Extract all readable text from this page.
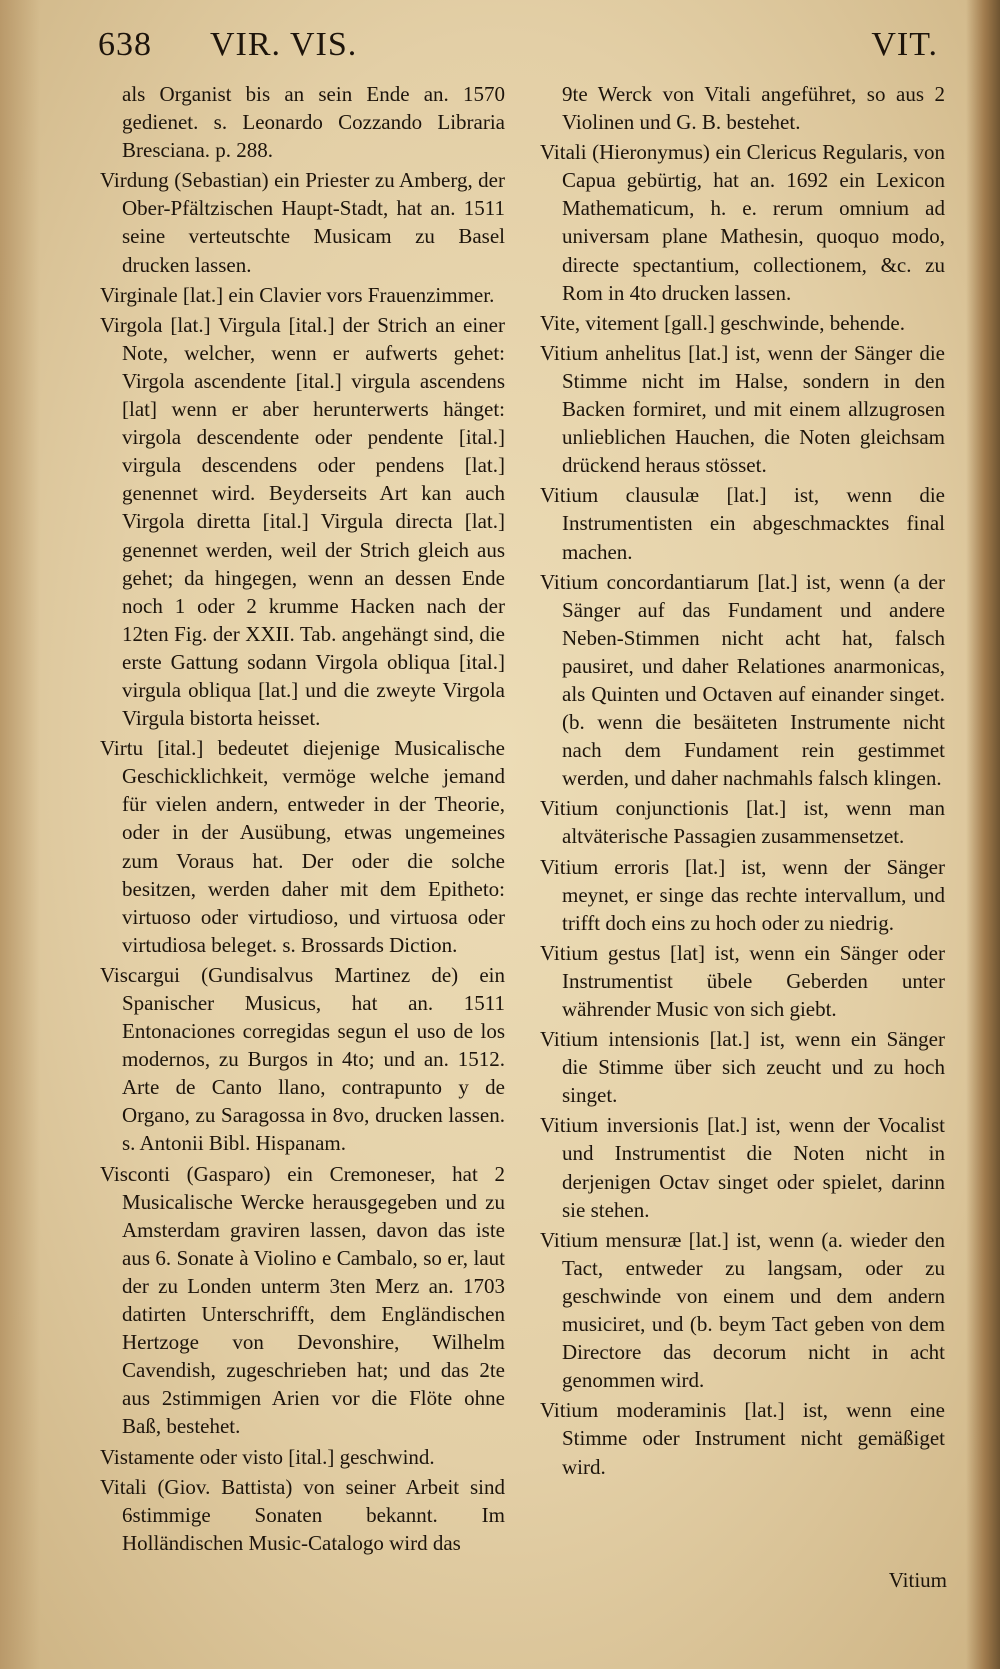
638 VIR. VIS.	VIT.

als Organist bis an sein Ende an. 1570 gedienet. s. Leonardo Cozzando Libraria Bresciana. p. 288.

Virdung (Sebastian) ein Priester zu Amberg, der Ober-Pfältzischen Haupt-Stadt, hat an. 1511 seine verteutschte Musicam zu Basel drucken lassen.

Virginale [lat.] ein Clavier vors Frauenzimmer.

Virgola [lat.] Virgula [ital.] der Strich an einer Note, welcher, wenn er aufwerts gehet: Virgola ascendente [ital.] virgula ascendens [lat] wenn er aber herunterwerts hänget: virgola descendente oder pendente [ital.] virgula descendens oder pendens [lat.] genennet wird. Beyderseits Art kan auch Virgola diretta [ital.] Virgula directa [lat.] genennet werden, weil der Strich gleich aus gehet; da hingegen, wenn an dessen Ende noch 1 oder 2 krumme Hacken nach der 12ten Fig. der XXII. Tab. angehängt sind, die erste Gattung sodann Virgola obliqua [ital.] virgula obliqua [lat.] und die zweyte Virgola Virgula bistorta heisset.

Virtu [ital.] bedeutet diejenige Musicalische Geschicklichkeit, vermöge welche jemand für vielen andern, entweder in der Theorie, oder in der Ausübung, etwas ungemeines zum Voraus hat. Der oder die solche besitzen, werden daher mit dem Epitheto: virtuoso oder virtudioso, und virtuosa oder virtudiosa beleget. s. Brossards Diction.

Viscargui (Gundisalvus Martinez de) ein Spanischer Musicus, hat an. 1511 Entonaciones corregidas segun el uso de los modernos, zu Burgos in 4to; und an. 1512. Arte de Canto llano, contrapunto y de Organo, zu Saragossa in 8vo, drucken lassen. s. Antonii Bibl. Hispanam.

Visconti (Gasparo) ein Cremoneser, hat 2 Musicalische Wercke herausgegeben und zu Amsterdam graviren lassen, davon das iste aus 6. Sonate à Violino e Cambalo, so er, laut der zu Londen unterm 3ten Merz an. 1703 datirten Unterschrifft, dem Engländischen Hertzoge von Devonshire, Wilhelm Cavendish, zugeschrieben hat; und das 2te aus 2stimmigen Arien vor die Flöte ohne Baß, bestehet.

Vistamente oder visto [ital.] geschwind.

Vitali (Giov. Battista) von seiner Arbeit sind 6stimmige Sonaten bekannt. Im Holländischen Music-Catalogo wird das

9te Werck von Vitali angeführet, so aus 2 Violinen und G. B. bestehet.

Vitali (Hieronymus) ein Clericus Regularis, von Capua gebürtig, hat an. 1692 ein Lexicon Mathematicum, h. e. rerum omnium ad universam plane Mathesin, quoquo modo, directe spectantium, collectionem, &c. zu Rom in 4to drucken lassen.

Vite, vitement [gall.] geschwinde, behende.

Vitium anhelitus [lat.] ist, wenn der Sänger die Stimme nicht im Halse, sondern in den Backen formiret, und mit einem allzugrosen unlieblichen Hauchen, die Noten gleichsam drückend heraus stösset.

Vitium clausulæ [lat.] ist, wenn die Instrumentisten ein abgeschmacktes final machen.

Vitium concordantiarum [lat.] ist, wenn (a der Sänger auf das Fundament und andere Neben-Stimmen nicht acht hat, falsch pausiret, und daher Relationes anarmonicas, als Quinten und Octaven auf einander singet. (b. wenn die besäiteten Instrumente nicht nach dem Fundament rein gestimmet werden, und daher nachmahls falsch klingen.

Vitium conjunctionis [lat.] ist, wenn man altväterische Passagien zusammensetzet.

Vitium erroris [lat.] ist, wenn der Sänger meynet, er singe das rechte intervallum, und trifft doch eins zu hoch oder zu niedrig.

Vitium gestus [lat] ist, wenn ein Sänger oder Instrumentist übele Geberden unter währender Music von sich giebt.

Vitium intensionis [lat.] ist, wenn ein Sänger die Stimme über sich zeucht und zu hoch singet.

Vitium inversionis [lat.] ist, wenn der Vocalist und Instrumentist die Noten nicht in derjenigen Octav singet oder spielet, darinn sie stehen.

Vitium mensuræ [lat.] ist, wenn (a. wieder den Tact, entweder zu langsam, oder zu geschwinde von einem und dem andern musiciret, und (b. beym Tact geben von dem Directore das decorum nicht in acht genommen wird.

Vitium moderaminis [lat.] ist, wenn eine Stimme oder Instrument nicht gemäßiget wird.

Vitium
